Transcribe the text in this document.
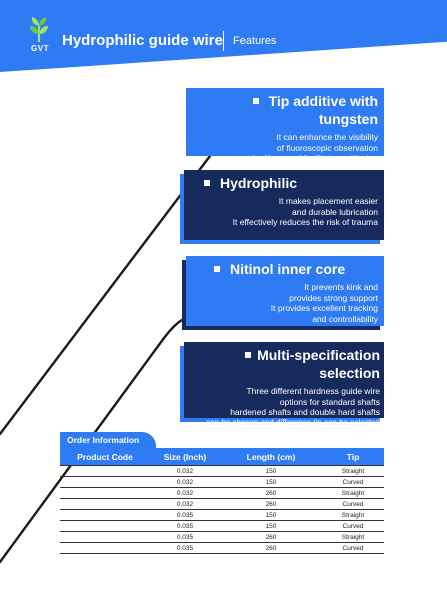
GVT Hydrophilic guide wire Features
Tip additive with tungsten
It can enhance the visibility
of fluoroscopic observation
under X-ray and facilitate positioning
Hydrophilic
It makes placement easier
and durable lubrication
It effectively reduces the risk of trauma
Nitinol inner core
It prevents kink and
provides strong support
It provides excellent tracking
and controllability
Multi-specification selection
Three different hardness guide wire
options for standard shafts
hardened shafts and double hard shafts
can be chosen and difference tip can be selected
Order Information
Product Code	Size (Inch)	Length (cm)	Tip
	0.032	150	Straight
	0.032	150	Curved
	0.032	260	Straight
	0.032	260	Curved
	0.035	150	Straight
	0.035	150	Curved
	0.035	260	Straight
	0.035	260	Curved
